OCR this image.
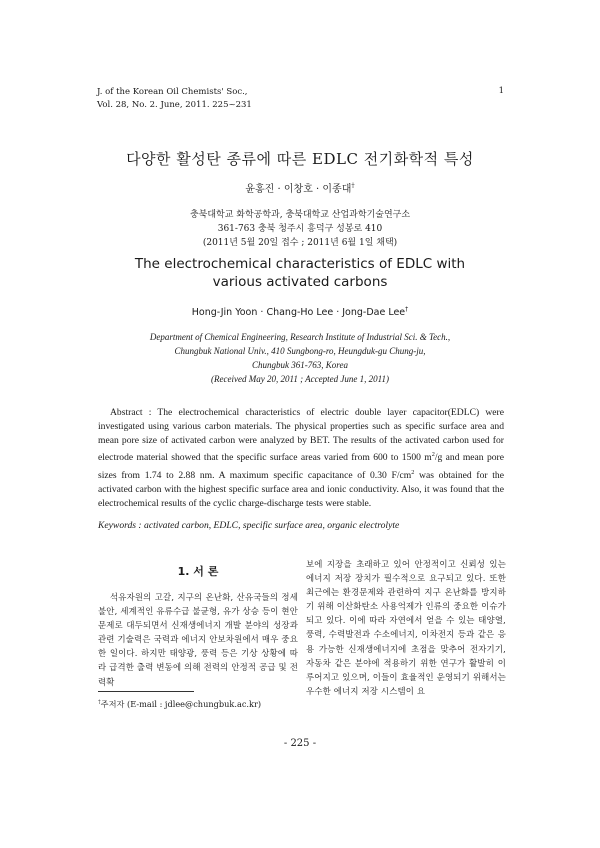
J. of the Korean Oil Chemists' Soc.,
Vol. 28, No. 2. June, 2011. 225~231
1
다양한 활성탄 종류에 따른 EDLC 전기화학적 특성
윤홍진 · 이창호 · 이종대†
충북대학교 화학공학과, 충북대학교 산업과학기술연구소
361-763 충북 청주시 흥덕구 성봉로 410
(2011년 5월 20일 접수 ; 2011년 6월 1일 채택)
The electrochemical characteristics of EDLC with
various activated carbons
Hong-Jin Yoon · Chang-Ho Lee · Jong-Dae Lee†
Department of Chemical Engineering, Research Institute of Industrial Sci. & Tech.,
Chungbuk National Univ., 410 Sungbong-ro, Heungduk-gu Chung-ju,
Chungbuk 361-763, Korea
(Received May 20, 2011 ; Accepted June 1, 2011)
Abstract : The electrochemical characteristics of electric double layer capacitor(EDLC) were investigated using various carbon materials. The physical properties such as specific surface area and mean pore size of activated carbon were analyzed by BET. The results of the activated carbon used for electrode material showed that the specific surface areas varied from 600 to 1500 $m^2/g$ and mean pore sizes from 1.74 to 2.88 nm. A maximum specific capacitance of 0.30 $F/cm^2$ was obtained for the activated carbon with the highest specific surface area and ionic conductivity. Also, it was found that the electrochemical results of the cyclic charge-discharge tests were stable.
Keywords : activated carbon, EDLC, specific surface area, organic electrolyte
1. 서 론
석유자원의 고갈, 지구의 온난화, 산유국들의 정세 불안, 세계적인 유류수급 불균형, 유가 상승 등이 현안 문제로 대두되면서 신재생에너지 개발 분야의 성장과 관련 기술력은 국력과 에너지 안보차원에서 매우 중요한 일이다. 하지만 태양광, 풍력 등은 기상 상황에 따라 급격한 출력 변동에 의해 전력의 안정적 공급 및 전력확
보에 지장을 초래하고 있어 안정적이고 신뢰성 있는 에너지 저장 장치가 필수적으로 요구되고 있다. 또한 최근에는 환경문제와 관련하여 지구 온난화를 방지하기 위해 이산화탄소 사용억제가 인류의 중요한 이슈가 되고 있다. 이에 따라 자연에서 얻을 수 있는 태양열, 풍력, 수력발전과 수소에너지, 이차전지 등과 같은 응용 가능한 신재생에너지에 초점을 맞추어 전자기기, 자동차 같은 분야에 적용하기 위한 연구가 활발히 이루어지고 있으며, 이들이 효율적인 운영되기 위해서는 우수한 에너지 저장 시스템이 요
†주저자 (E-mail : jdlee@chungbuk.ac.kr)
- 225 -
